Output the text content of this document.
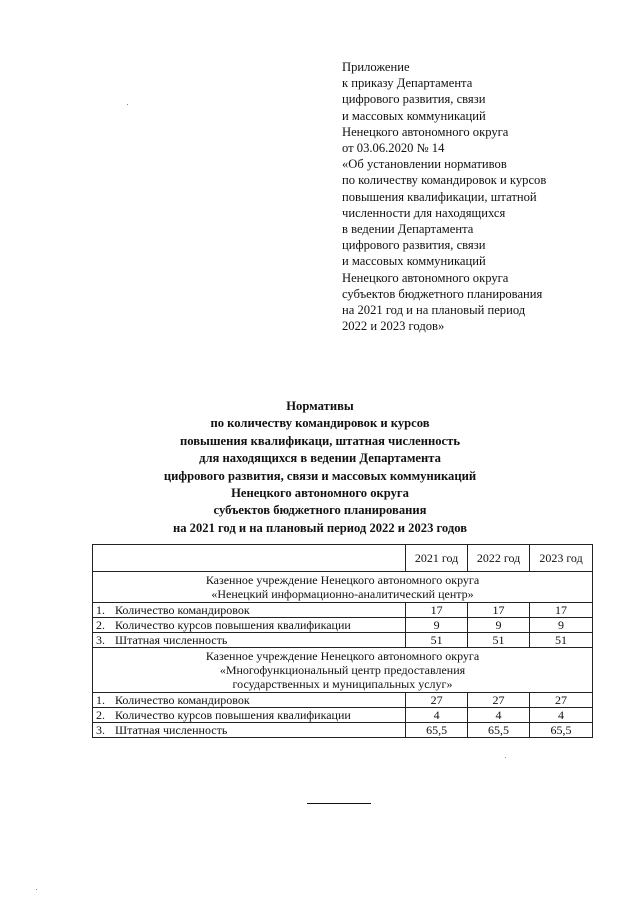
Приложение
к приказу Департамента
цифрового развития, связи
и массовых коммуникаций
Ненецкого автономного округа
от 03.06.2020 № 14
«Об установлении нормативов
по количеству командировок и курсов
повышения квалификации, штатной
численности для находящихся
в ведении Департамента
цифрового развития, связи
и массовых коммуникаций
Ненецкого автономного округа
субъектов бюджетного планирования
на 2021 год и на плановый период
2022 и 2023 годов»
Нормативы
по количеству командировок и курсов
повышения квалификаци, штатная численность
для находящихся в ведении Департамента
цифрового развития, связи и массовых коммуникаций
Ненецкого автономного округа
субъектов бюджетного планирования
на 2021 год и на плановый период 2022 и 2023 годов
	2021 год	2022 год	2023 год

Казенное учреждение Ненецкого автономного округа
«Ненецкий информационно-аналитический центр»			

1. Количество командировок	17	17	17
2. Количество курсов повышения квалификации	9	9	9
3. Штатная численность	51	51	51

Казенное учреждение Ненецкого автономного округа
«Многофункциональный центр предоставления
государственных и муниципальных услуг»			

1. Количество командировок	27	27	27
2. Количество курсов повышения квалификации	4	4	4
3. Штатная численность	65,5	65,5	65,5
